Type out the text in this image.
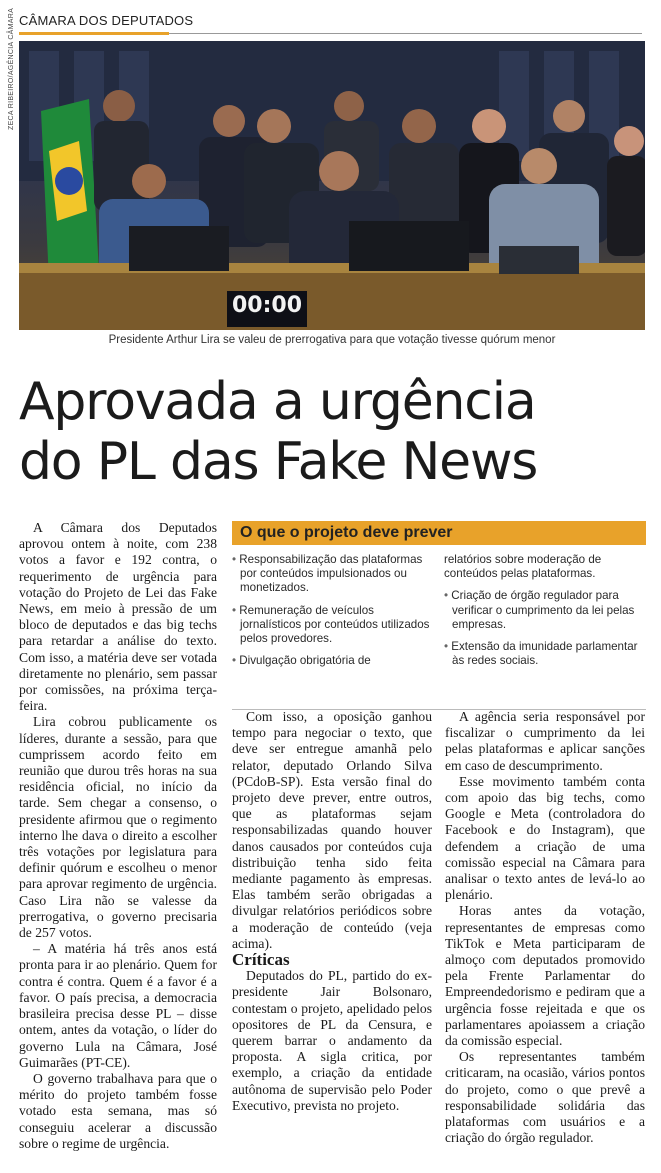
CÂMARA DOS DEPUTADOS
00:00
ZECA RIBEIRO/AGÊNCIA CÂMARA
Presidente Arthur Lira se valeu de prerrogativa para que votação tivesse quórum menor
Aprovada a urgência
do PL das Fake News

A Câmara dos Deputados aprovou ontem à noite, com 238 votos a favor e 192 contra, o requerimento de urgência para votação do Projeto de Lei das Fake News, em meio à pressão de um bloco de deputados e das big techs para retardar a análise do texto. Com isso, a matéria deve ser votada diretamente no plenário, sem passar por comissões, na próxima terça-feira.

Lira cobrou publicamente os líderes, durante a sessão, para que cumprissem acordo feito em reunião que durou três horas na sua residência oficial, no início da tarde. Sem chegar a consenso, o presidente afirmou que o regimento interno lhe dava o direito a escolher três votações por legislatura para definir quórum e escolheu o menor para aprovar regimento de urgência. Caso Lira não se valesse da prerrogativa, o governo precisaria de 257 votos.

– A matéria há três anos está pronta para ir ao plenário. Quem for contra é contra. Quem é a favor é a favor. O país precisa, a democracia brasileira precisa desse PL – disse ontem, antes da votação, o líder do governo Lula na Câmara, José Guimarães (PT-CE).

O governo trabalhava para que o mérito do projeto também fosse votado esta semana, mas só conseguiu acelerar a discussão sobre o regime de urgência.

O que o projeto deve prever
• Responsabilização das plataformas por conteúdos impulsionados ou monetizados.
• Remuneração de veículos jornalísticos por conteúdos utilizados pelos provedores.
• Divulgação obrigatória de
relatórios sobre moderação de conteúdos pelas plataformas.
• Criação de órgão regulador para verificar o cumprimento da lei pelas empresas.
• Extensão da imunidade parlamentar às redes sociais.

Com isso, a oposição ganhou tempo para negociar o texto, que deve ser entregue amanhã pelo relator, deputado Orlando Silva (PCdoB-SP). Esta versão final do projeto deve prever, entre outros, que as plataformas sejam responsabilizadas quando houver danos causados por conteúdos cuja distribuição tenha sido feita mediante pagamento às empresas. Elas também serão obrigadas a divulgar relatórios periódicos sobre a moderação de conteúdo (veja acima).

Críticas

Deputados do PL, partido do ex-presidente Jair Bolsonaro, contestam o projeto, apelidado pelos opositores de PL da Censura, e querem barrar o andamento da proposta. A sigla critica, por exemplo, a criação da entidade autônoma de supervisão pelo Poder Executivo, prevista no projeto.

A agência seria responsável por fiscalizar o cumprimento da lei pelas plataformas e aplicar sanções em caso de descumprimento.

Esse movimento também conta com apoio das big techs, como Google e Meta (controladora do Facebook e do Instagram), que defendem a criação de uma comissão especial na Câmara para analisar o texto antes de levá-lo ao plenário.

Horas antes da votação, representantes de empresas como TikTok e Meta participaram de almoço com deputados promovido pela Frente Parlamentar do Empreendedorismo e pediram que a urgência fosse rejeitada e que os parlamentares apoiassem a criação da comissão especial.

Os representantes também criticaram, na ocasião, vários pontos do projeto, como o que prevê a responsabilidade solidária das plataformas com usuários e a criação do órgão regulador.
